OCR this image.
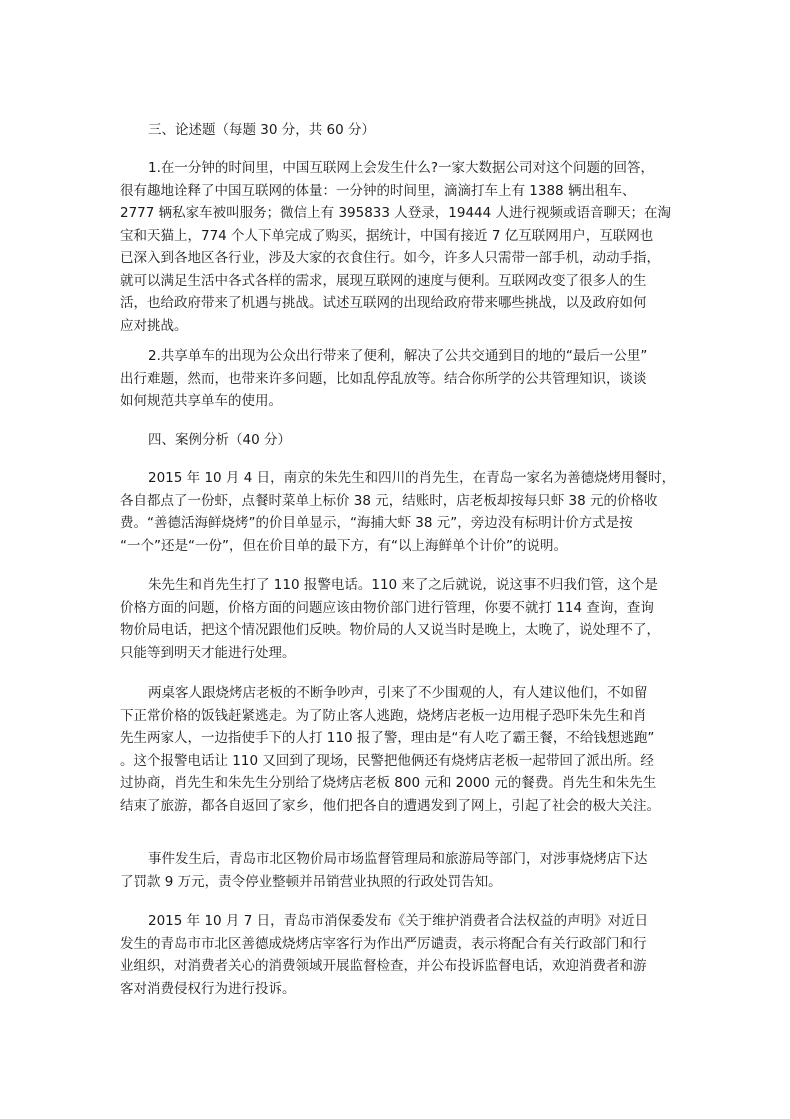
三、论述题（每题 30 分，共 60 分）
1.在一分钟的时间里，中国互联网上会发生什么?一家大数据公司对这个问题的回答，
很有趣地诠释了中国互联网的体量：一分钟的时间里，滴滴打车上有 1388 辆出租车、
2777 辆私家车被叫服务；微信上有 395833 人登录，19444 人进行视频或语音聊天；在淘
宝和天猫上，774 个人下单完成了购买，据统计，中国有接近 7 亿互联网用户，互联网也
已深入到各地区各行业，涉及大家的衣食住行。如今，许多人只需带一部手机，动动手指，
就可以满足生活中各式各样的需求，展现互联网的速度与便利。互联网改变了很多人的生
活，也给政府带来了机遇与挑战。试述互联网的出现给政府带来哪些挑战，以及政府如何
应对挑战。
2.共享单车的出现为公众出行带来了便利，解决了公共交通到目的地的“最后一公里”
出行难题，然而，也带来许多问题，比如乱停乱放等。结合你所学的公共管理知识，谈谈
如何规范共享单车的使用。
四、案例分析（40 分）
2015 年 10 月 4 日，南京的朱先生和四川的肖先生，在青岛一家名为善德烧烤用餐时，
各自都点了一份虾，点餐时菜单上标价 38 元，结账时，店老板却按每只虾 38 元的价格收
费。“善德活海鲜烧烤”的价目单显示，“海捕大虾 38 元”，旁边没有标明计价方式是按
“一个”还是“一份”，但在价目单的最下方，有“以上海鲜单个计价”的说明。
朱先生和肖先生打了 110 报警电话。110 来了之后就说，说这事不归我们管，这个是
价格方面的问题，价格方面的问题应该由物价部门进行管理，你要不就打 114 查询，查询
物价局电话，把这个情况跟他们反映。物价局的人又说当时是晚上，太晚了，说处理不了，
只能等到明天才能进行处理。
两桌客人跟烧烤店老板的不断争吵声，引来了不少围观的人，有人建议他们，不如留
下正常价格的饭钱赶紧逃走。为了防止客人逃跑，烧烤店老板一边用棍子恐吓朱先生和肖
先生两家人，一边指使手下的人打 110 报了警，理由是“有人吃了霸王餐，不给钱想逃跑”
。这个报警电话让 110 又回到了现场，民警把他俩还有烧烤店老板一起带回了派出所。经
过协商，肖先生和朱先生分别给了烧烤店老板 800 元和 2000 元的餐费。肖先生和朱先生
结束了旅游，都各自返回了家乡，他们把各自的遭遇发到了网上，引起了社会的极大关注。
事件发生后，青岛市北区物价局市场监督管理局和旅游局等部门，对涉事烧烤店下达
了罚款 9 万元，责令停业整顿并吊销营业执照的行政处罚告知。
2015 年 10 月 7 日，青岛市消保委发布《关于维护消费者合法权益的声明》对近日
发生的青岛市市北区善德成烧烤店宰客行为作出严厉谴责，表示将配合有关行政部门和行
业组织，对消费者关心的消费领域开展监督检查，并公布投诉监督电话，欢迎消费者和游
客对消费侵权行为进行投诉。
